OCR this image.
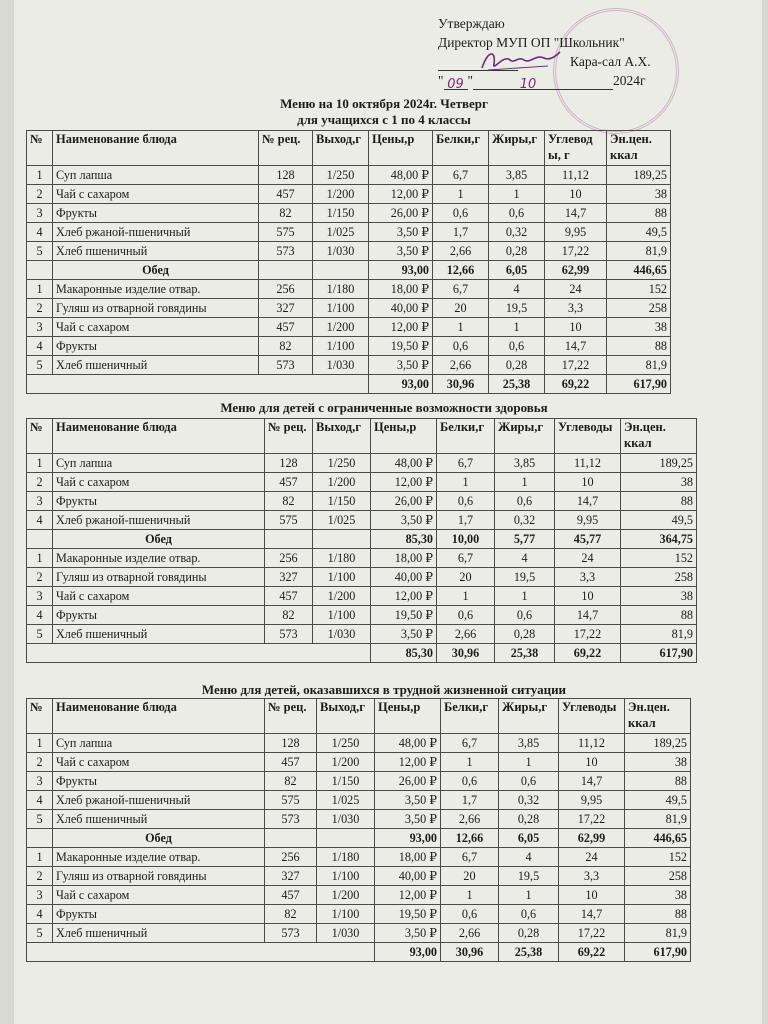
Утверждаю
Директор МУП ОП "Школьник"
Кара-сал А.Х.
" 09 "	10	2024г
Меню на 10 октября 2024г. Четверг
для учащихся с 1 по 4 классы
№	Наименование блюда	№ рец.	Выход,г	Цены,р	Белки,г	Жиры,г	Углевод ы, г	Эн.цен. ккал
1	Суп лапша	128	1/250	48,00 ₽	6,7	3,85	11,12	189,25
2	Чай с сахаром	457	1/200	12,00 ₽	1	1	10	38
3	Фрукты	82	1/150	26,00 ₽	0,6	0,6	14,7	88
4	Хлеб ржаной-пшеничный	575	1/025	3,50 ₽	1,7	0,32	9,95	49,5
5	Хлеб пшеничный	573	1/030	3,50 ₽	2,66	0,28	17,22	81,9
	Обед			93,00	12,66	6,05	62,99	446,65
1	Макаронные изделие отвар.	256	1/180	18,00 ₽	6,7	4	24	152
2	Гуляш из отварной говядины	327	1/100	40,00 ₽	20	19,5	3,3	258
3	Чай с сахаром	457	1/200	12,00 ₽	1	1	10	38
4	Фрукты	82	1/100	19,50 ₽	0,6	0,6	14,7	88
5	Хлеб пшеничный	573	1/030	3,50 ₽	2,66	0,28	17,22	81,9
				93,00	30,96	25,38	69,22	617,90
Меню для детей с ограниченные возможности здоровья
№	Наименование блюда	№ рец.	Выход,г	Цены,р	Белки,г	Жиры,г	Углеводы	Эн.цен. ккал
1	Суп лапша	128	1/250	48,00 ₽	6,7	3,85	11,12	189,25
2	Чай с сахаром	457	1/200	12,00 ₽	1	1	10	38
3	Фрукты	82	1/150	26,00 ₽	0,6	0,6	14,7	88
4	Хлеб ржаной-пшеничный	575	1/025	3,50 ₽	1,7	0,32	9,95	49,5
	Обед			85,30	10,00	5,77	45,77	364,75
1	Макаронные изделие отвар.	256	1/180	18,00 ₽	6,7	4	24	152
2	Гуляш из отварной говядины	327	1/100	40,00 ₽	20	19,5	3,3	258
3	Чай с сахаром	457	1/200	12,00 ₽	1	1	10	38
4	Фрукты	82	1/100	19,50 ₽	0,6	0,6	14,7	88
5	Хлеб пшеничный	573	1/030	3,50 ₽	2,66	0,28	17,22	81,9
				85,30	30,96	25,38	69,22	617,90
Меню для детей, оказавшихся в трудной жизненной ситуации
№	Наименование блюда	№ рец.	Выход,г	Цены,р	Белки,г	Жиры,г	Углеводы	Эн.цен. ккал
1	Суп лапша	128	1/250	48,00 ₽	6,7	3,85	11,12	189,25
2	Чай с сахаром	457	1/200	12,00 ₽	1	1	10	38
3	Фрукты	82	1/150	26,00 ₽	0,6	0,6	14,7	88
4	Хлеб ржаной-пшеничный	575	1/025	3,50 ₽	1,7	0,32	9,95	49,5
5	Хлеб пшеничный	573	1/030	3,50 ₽	2,66	0,28	17,22	81,9
	Обед			93,00	12,66	6,05	62,99	446,65
1	Макаронные изделие отвар.	256	1/180	18,00 ₽	6,7	4	24	152
2	Гуляш из отварной говядины	327	1/100	40,00 ₽	20	19,5	3,3	258
3	Чай с сахаром	457	1/200	12,00 ₽	1	1	10	38
4	Фрукты	82	1/100	19,50 ₽	0,6	0,6	14,7	88
5	Хлеб пшеничный	573	1/030	3,50 ₽	2,66	0,28	17,22	81,9
				93,00	30,96	25,38	69,22	617,90
